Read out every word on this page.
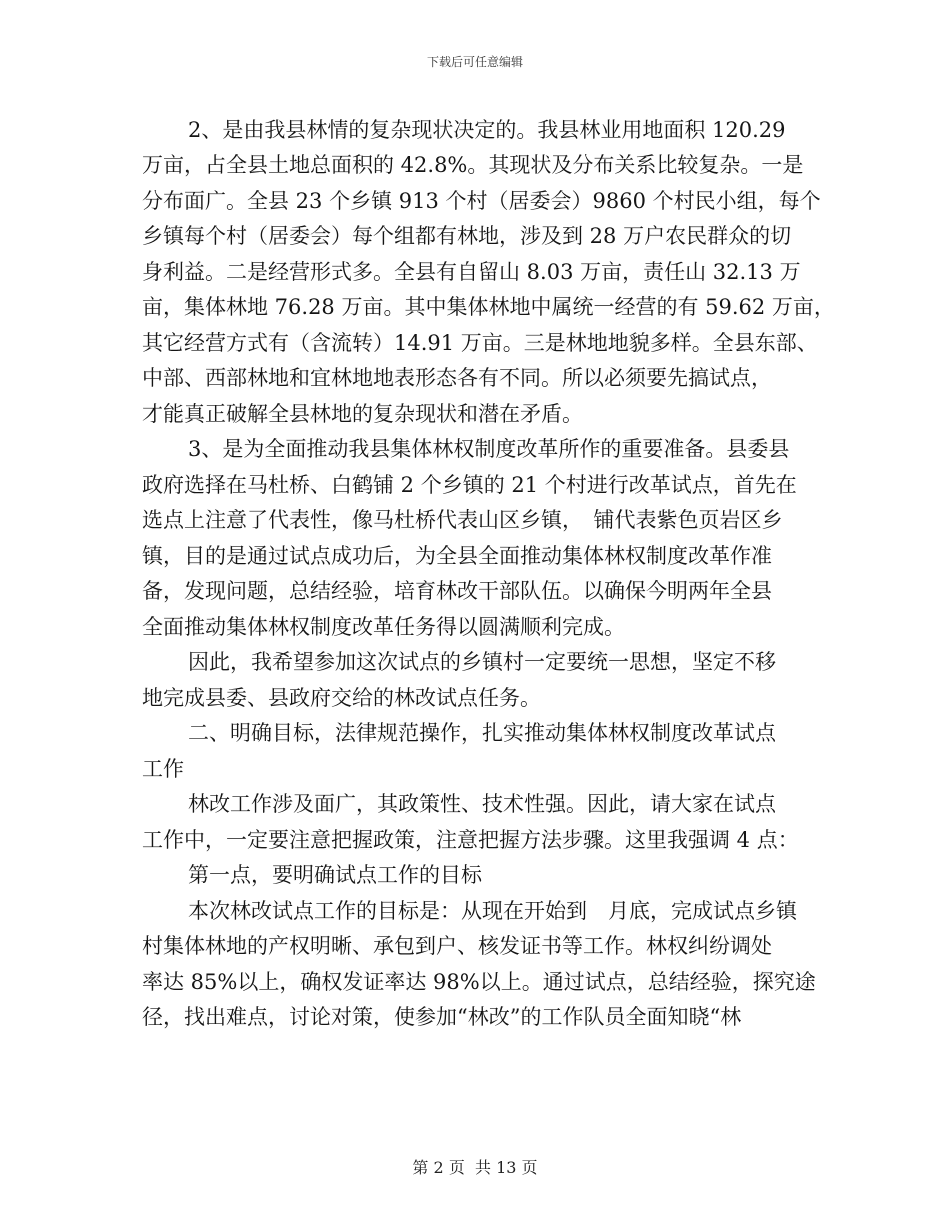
下载后可任意编辑
2、是由我县林情的复杂现状决定的。我县林业用地面积 120.29
万亩，占全县土地总面积的 42.8%。其现状及分布关系比较复杂。一是
分布面广。全县 23 个乡镇 913 个村（居委会）9860 个村民小组，每个
乡镇每个村（居委会）每个组都有林地，涉及到 28 万户农民群众的切
身利益。二是经营形式多。全县有自留山 8.03 万亩，责任山 32.13 万
亩，集体林地 76.28 万亩。其中集体林地中属统一经营的有 59.62 万亩，
其它经营方式有（含流转）14.91 万亩。三是林地地貌多样。全县东部、
中部、西部林地和宜林地地表形态各有不同。所以必须要先搞试点，
才能真正破解全县林地的复杂现状和潜在矛盾。
3、是为全面推动我县集体林权制度改革所作的重要准备。县委县
政府选择在马杜桥、白鹤铺 2 个乡镇的 21 个村进行改革试点，首先在
选点上注意了代表性，像马杜桥代表山区乡镇，　铺代表紫色页岩区乡
镇，目的是通过试点成功后，为全县全面推动集体林权制度改革作准
备，发现问题，总结经验，培育林改干部队伍。以确保今明两年全县
全面推动集体林权制度改革任务得以圆满顺利完成。
因此，我希望参加这次试点的乡镇村一定要统一思想，坚定不移
地完成县委、县政府交给的林改试点任务。
二、明确目标，法律规范操作，扎实推动集体林权制度改革试点
工作
林改工作涉及面广，其政策性、技术性强。因此，请大家在试点
工作中，一定要注意把握政策，注意把握方法步骤。这里我强调 4 点：
第一点，要明确试点工作的目标
本次林改试点工作的目标是：从现在开始到　月底，完成试点乡镇
村集体林地的产权明晰、承包到户、核发证书等工作。林权纠纷调处
率达 85%以上，确权发证率达 98%以上。通过试点，总结经验，探究途
径，找出难点，讨论对策，使参加“林改”的工作队员全面知晓“林
第 2 页  共 13 页
